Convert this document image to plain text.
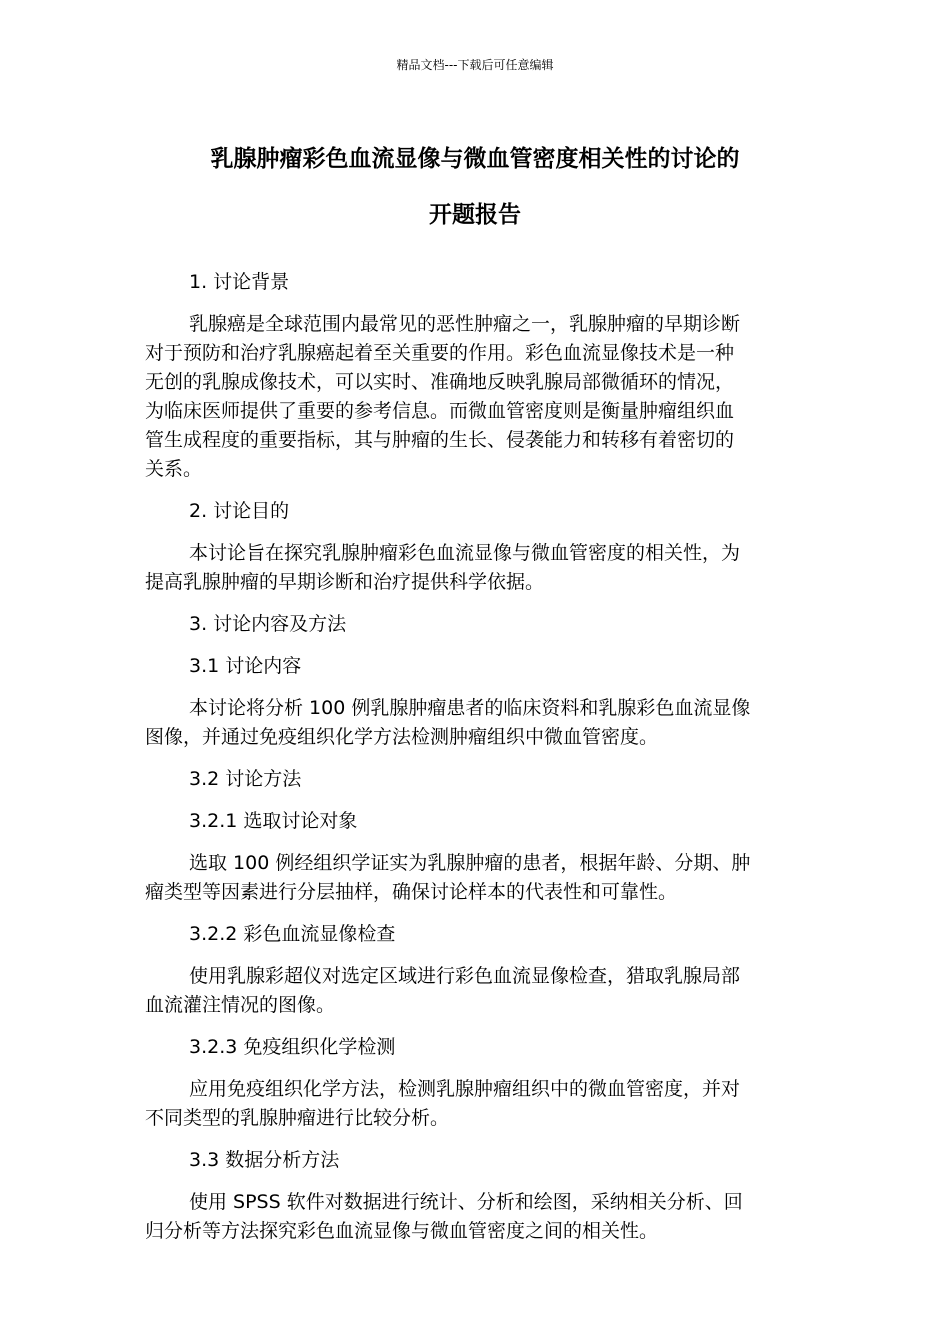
精品文档---下载后可任意编辑
乳腺肿瘤彩色血流显像与微血管密度相关性的讨论的
开题报告
1. 讨论背景
乳腺癌是全球范围内最常见的恶性肿瘤之一，乳腺肿瘤的早期诊断
对于预防和治疗乳腺癌起着至关重要的作用。彩色血流显像技术是一种
无创的乳腺成像技术，可以实时、准确地反映乳腺局部微循环的情况，
为临床医师提供了重要的参考信息。而微血管密度则是衡量肿瘤组织血
管生成程度的重要指标，其与肿瘤的生长、侵袭能力和转移有着密切的
关系。
2. 讨论目的
本讨论旨在探究乳腺肿瘤彩色血流显像与微血管密度的相关性，为
提高乳腺肿瘤的早期诊断和治疗提供科学依据。
3. 讨论内容及方法
3.1 讨论内容
本讨论将分析 100 例乳腺肿瘤患者的临床资料和乳腺彩色血流显像
图像，并通过免疫组织化学方法检测肿瘤组织中微血管密度。
3.2 讨论方法
3.2.1 选取讨论对象
选取 100 例经组织学证实为乳腺肿瘤的患者，根据年龄、分期、肿
瘤类型等因素进行分层抽样，确保讨论样本的代表性和可靠性。
3.2.2 彩色血流显像检查
使用乳腺彩超仪对选定区域进行彩色血流显像检查，猎取乳腺局部
血流灌注情况的图像。
3.2.3 免疫组织化学检测
应用免疫组织化学方法，检测乳腺肿瘤组织中的微血管密度，并对
不同类型的乳腺肿瘤进行比较分析。
3.3 数据分析方法
使用 SPSS 软件对数据进行统计、分析和绘图，采纳相关分析、回
归分析等方法探究彩色血流显像与微血管密度之间的相关性。
